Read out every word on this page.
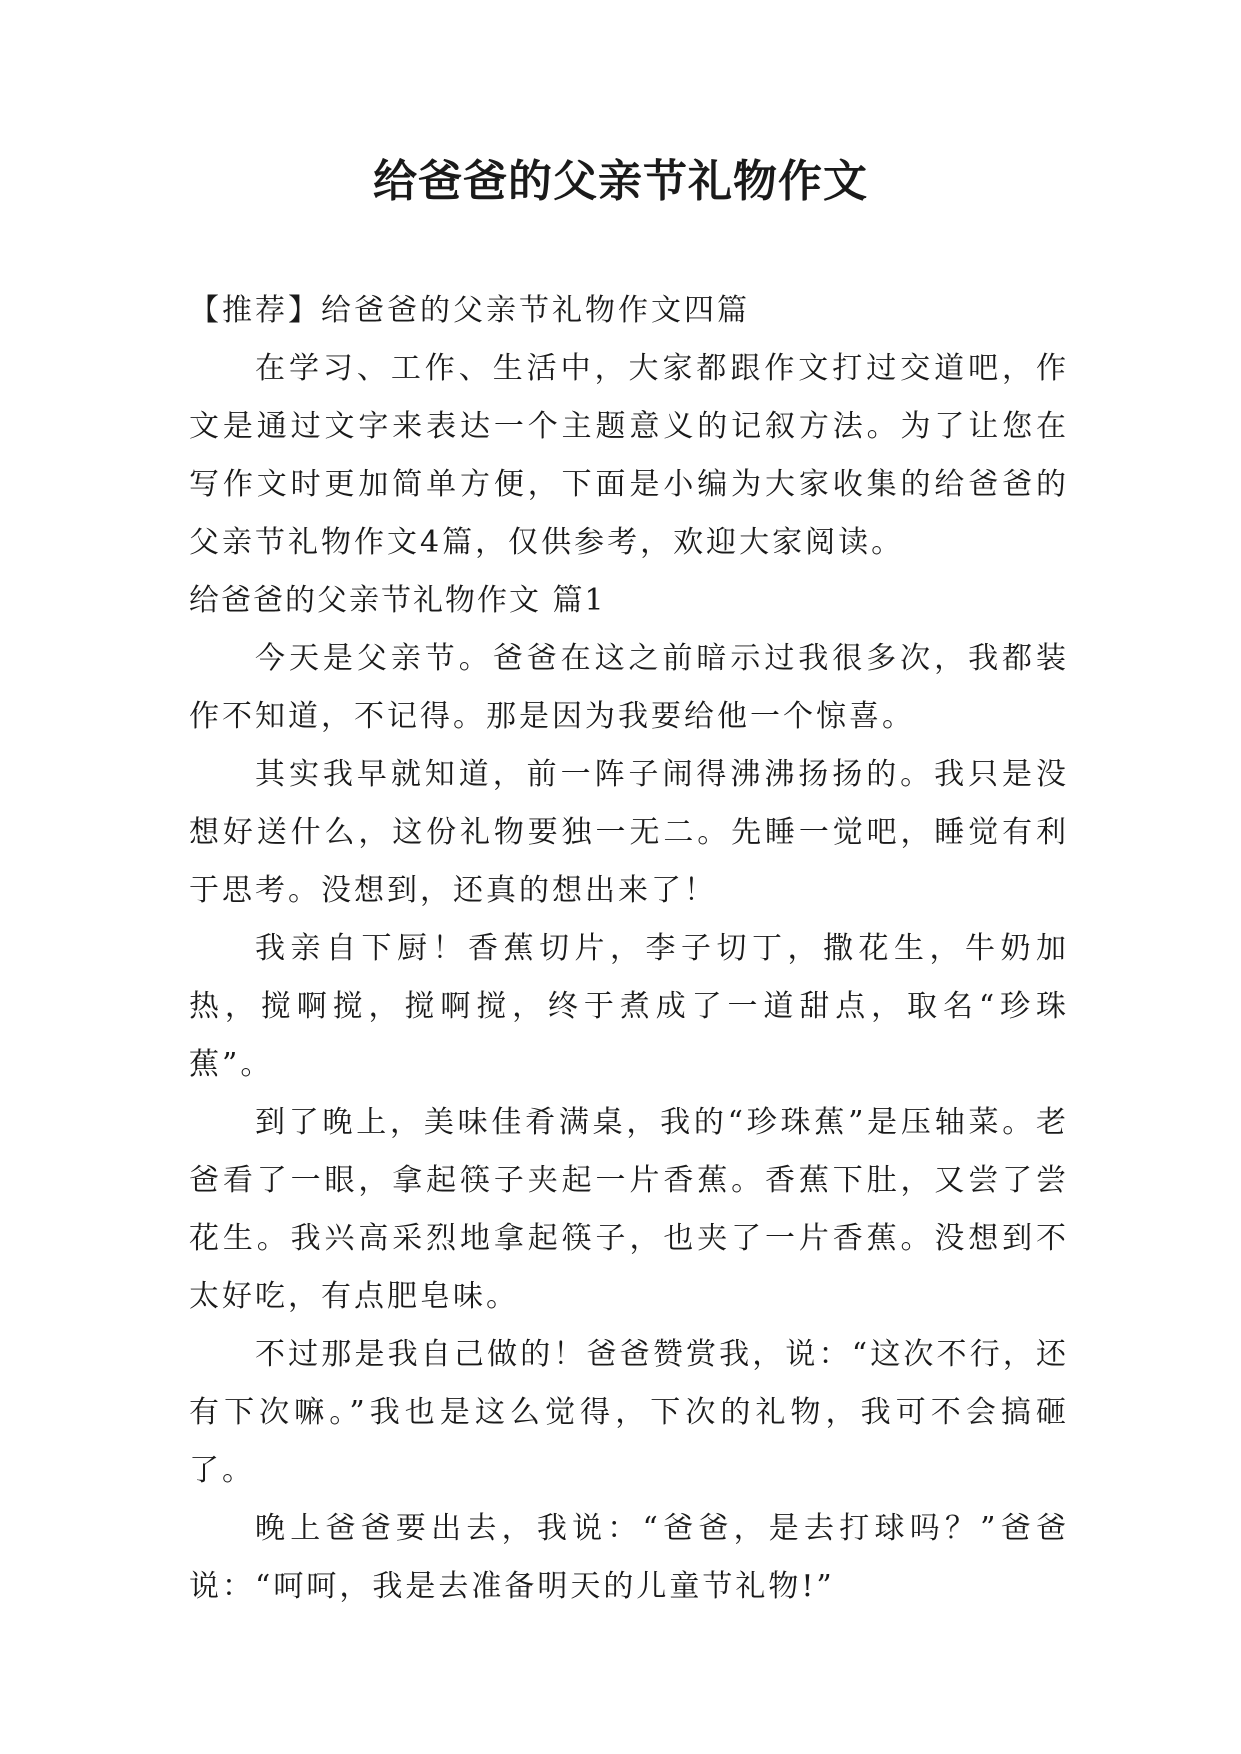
给爸爸的父亲节礼物作文

【推荐】给爸爸的父亲节礼物作文四篇

在学习、工作、生活中，大家都跟作文打过交道吧，作文是通过文字来表达一个主题意义的记叙方法。为了让您在写作文时更加简单方便，下面是小编为大家收集的给爸爸的父亲节礼物作文4篇，仅供参考，欢迎大家阅读。

给爸爸的父亲节礼物作文 篇1

今天是父亲节。爸爸在这之前暗示过我很多次，我都装作不知道，不记得。那是因为我要给他一个惊喜。

其实我早就知道，前一阵子闹得沸沸扬扬的。我只是没想好送什么，这份礼物要独一无二。先睡一觉吧，睡觉有利于思考。没想到，还真的想出来了！

我亲自下厨！香蕉切片，李子切丁，撒花生，牛奶加热，搅啊搅，搅啊搅，终于煮成了一道甜点，取名“珍珠蕉”。

到了晚上，美味佳肴满桌，我的“珍珠蕉”是压轴菜。老爸看了一眼，拿起筷子夹起一片香蕉。香蕉下肚，又尝了尝花生。我兴高采烈地拿起筷子，也夹了一片香蕉。没想到不太好吃，有点肥皂味。

不过那是我自己做的！爸爸赞赏我，说：“这次不行，还有下次嘛。”我也是这么觉得，下次的礼物，我可不会搞砸了。

晚上爸爸要出去，我说：“爸爸，是去打球吗？”爸爸说：“呵呵，我是去准备明天的儿童节礼物!”
